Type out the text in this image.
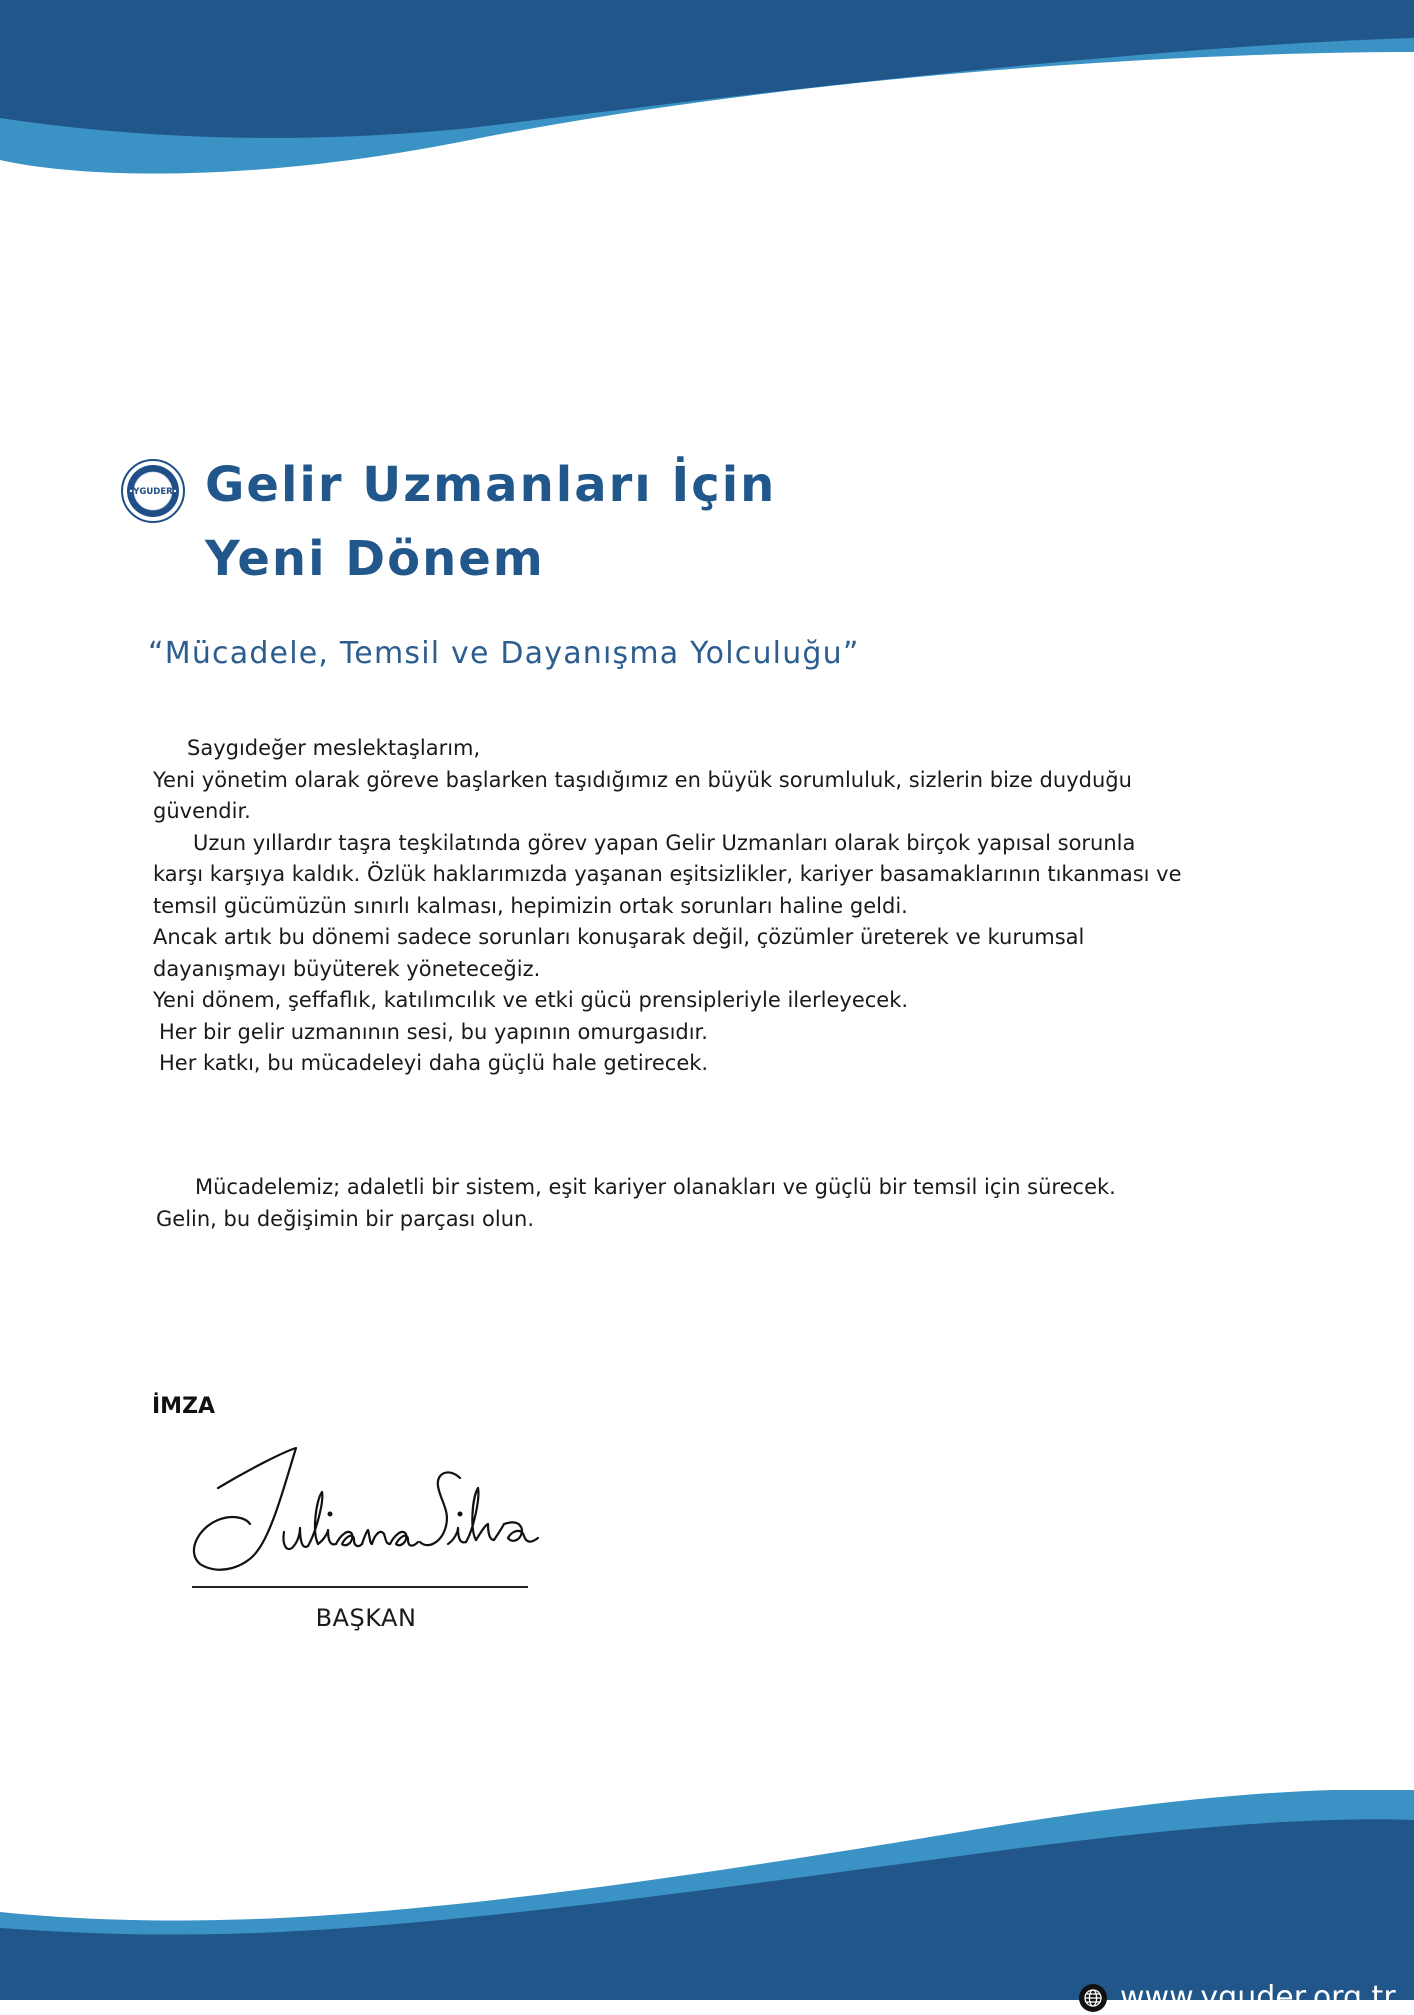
YGUDER Gelir Uzmanları İçin
Yeni Dönem
“Mücadele, Temsil ve Dayanışma Yolculuğu”

Saygıdeğer meslektaşlarım,

Yeni yönetim olarak göreve başlarken taşıdığımız en büyük sorumluluk, sizlerin bize duyduğu

güvendir.

Uzun yıllardır taşra teşkilatında görev yapan Gelir Uzmanları olarak birçok yapısal sorunla

karşı karşıya kaldık. Özlük haklarımızda yaşanan eşitsizlikler, kariyer basamaklarının tıkanması ve

temsil gücümüzün sınırlı kalması, hepimizin ortak sorunları haline geldi.

Ancak artık bu dönemi sadece sorunları konuşarak değil, çözümler üreterek ve kurumsal

dayanışmayı büyüterek yöneteceğiz.

Yeni dönem, şeffaflık, katılımcılık ve etki gücü prensipleriyle ilerleyecek.

Her bir gelir uzmanının sesi, bu yapının omurgasıdır.

Her katkı, bu mücadeleyi daha güçlü hale getirecek.

Mücadelemiz; adaletli bir sistem, eşit kariyer olanakları ve güçlü bir temsil için sürecek.

Gelin, bu değişimin bir parçası olun.

İMZA
BAŞKAN
www.yguder.org.tr
